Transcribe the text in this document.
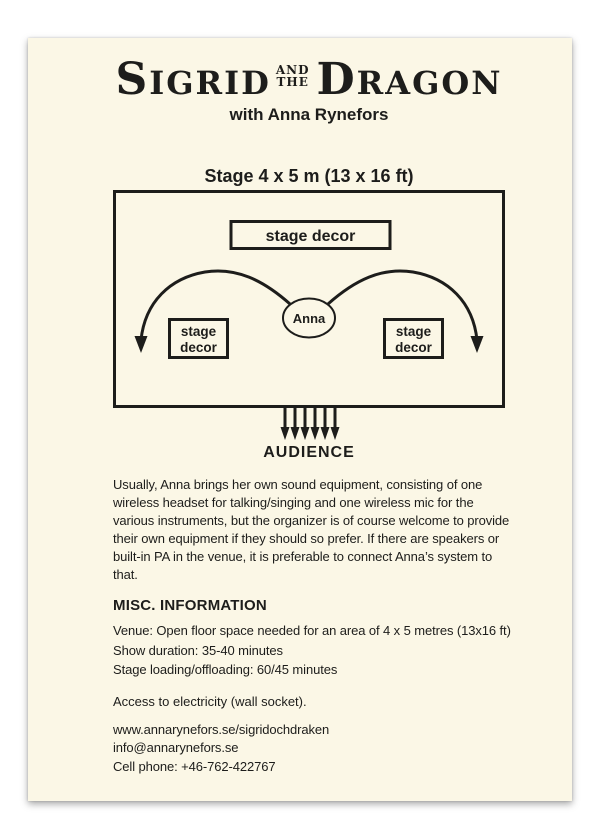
SIGRID AND
THE DRAGON
with Anna Rynefors
Stage 4 x 5 m (13 x 16 ft)
stage decor
Anna
stage
decor
stage
decor
AUDIENCE
Usually, Anna brings her own sound equipment, consisting of one wireless headset for talking/singing and one wireless mic for the various instruments, but the organizer is of course welcome to provide their own equipment if they should so prefer. If there are speakers or built-in PA in the venue, it is preferable to connect Anna’s system to that.
MISC. INFORMATION
Venue: Open floor space needed for an area of 4 x 5 metres (13x16 ft)
Show duration: 35-40 minutes
Stage loading/offloading: 60/45 minutes
Access to electricity (wall socket).
www.annarynefors.se/sigridochdraken
info@annarynefors.se
Cell phone: +46-762-422767
